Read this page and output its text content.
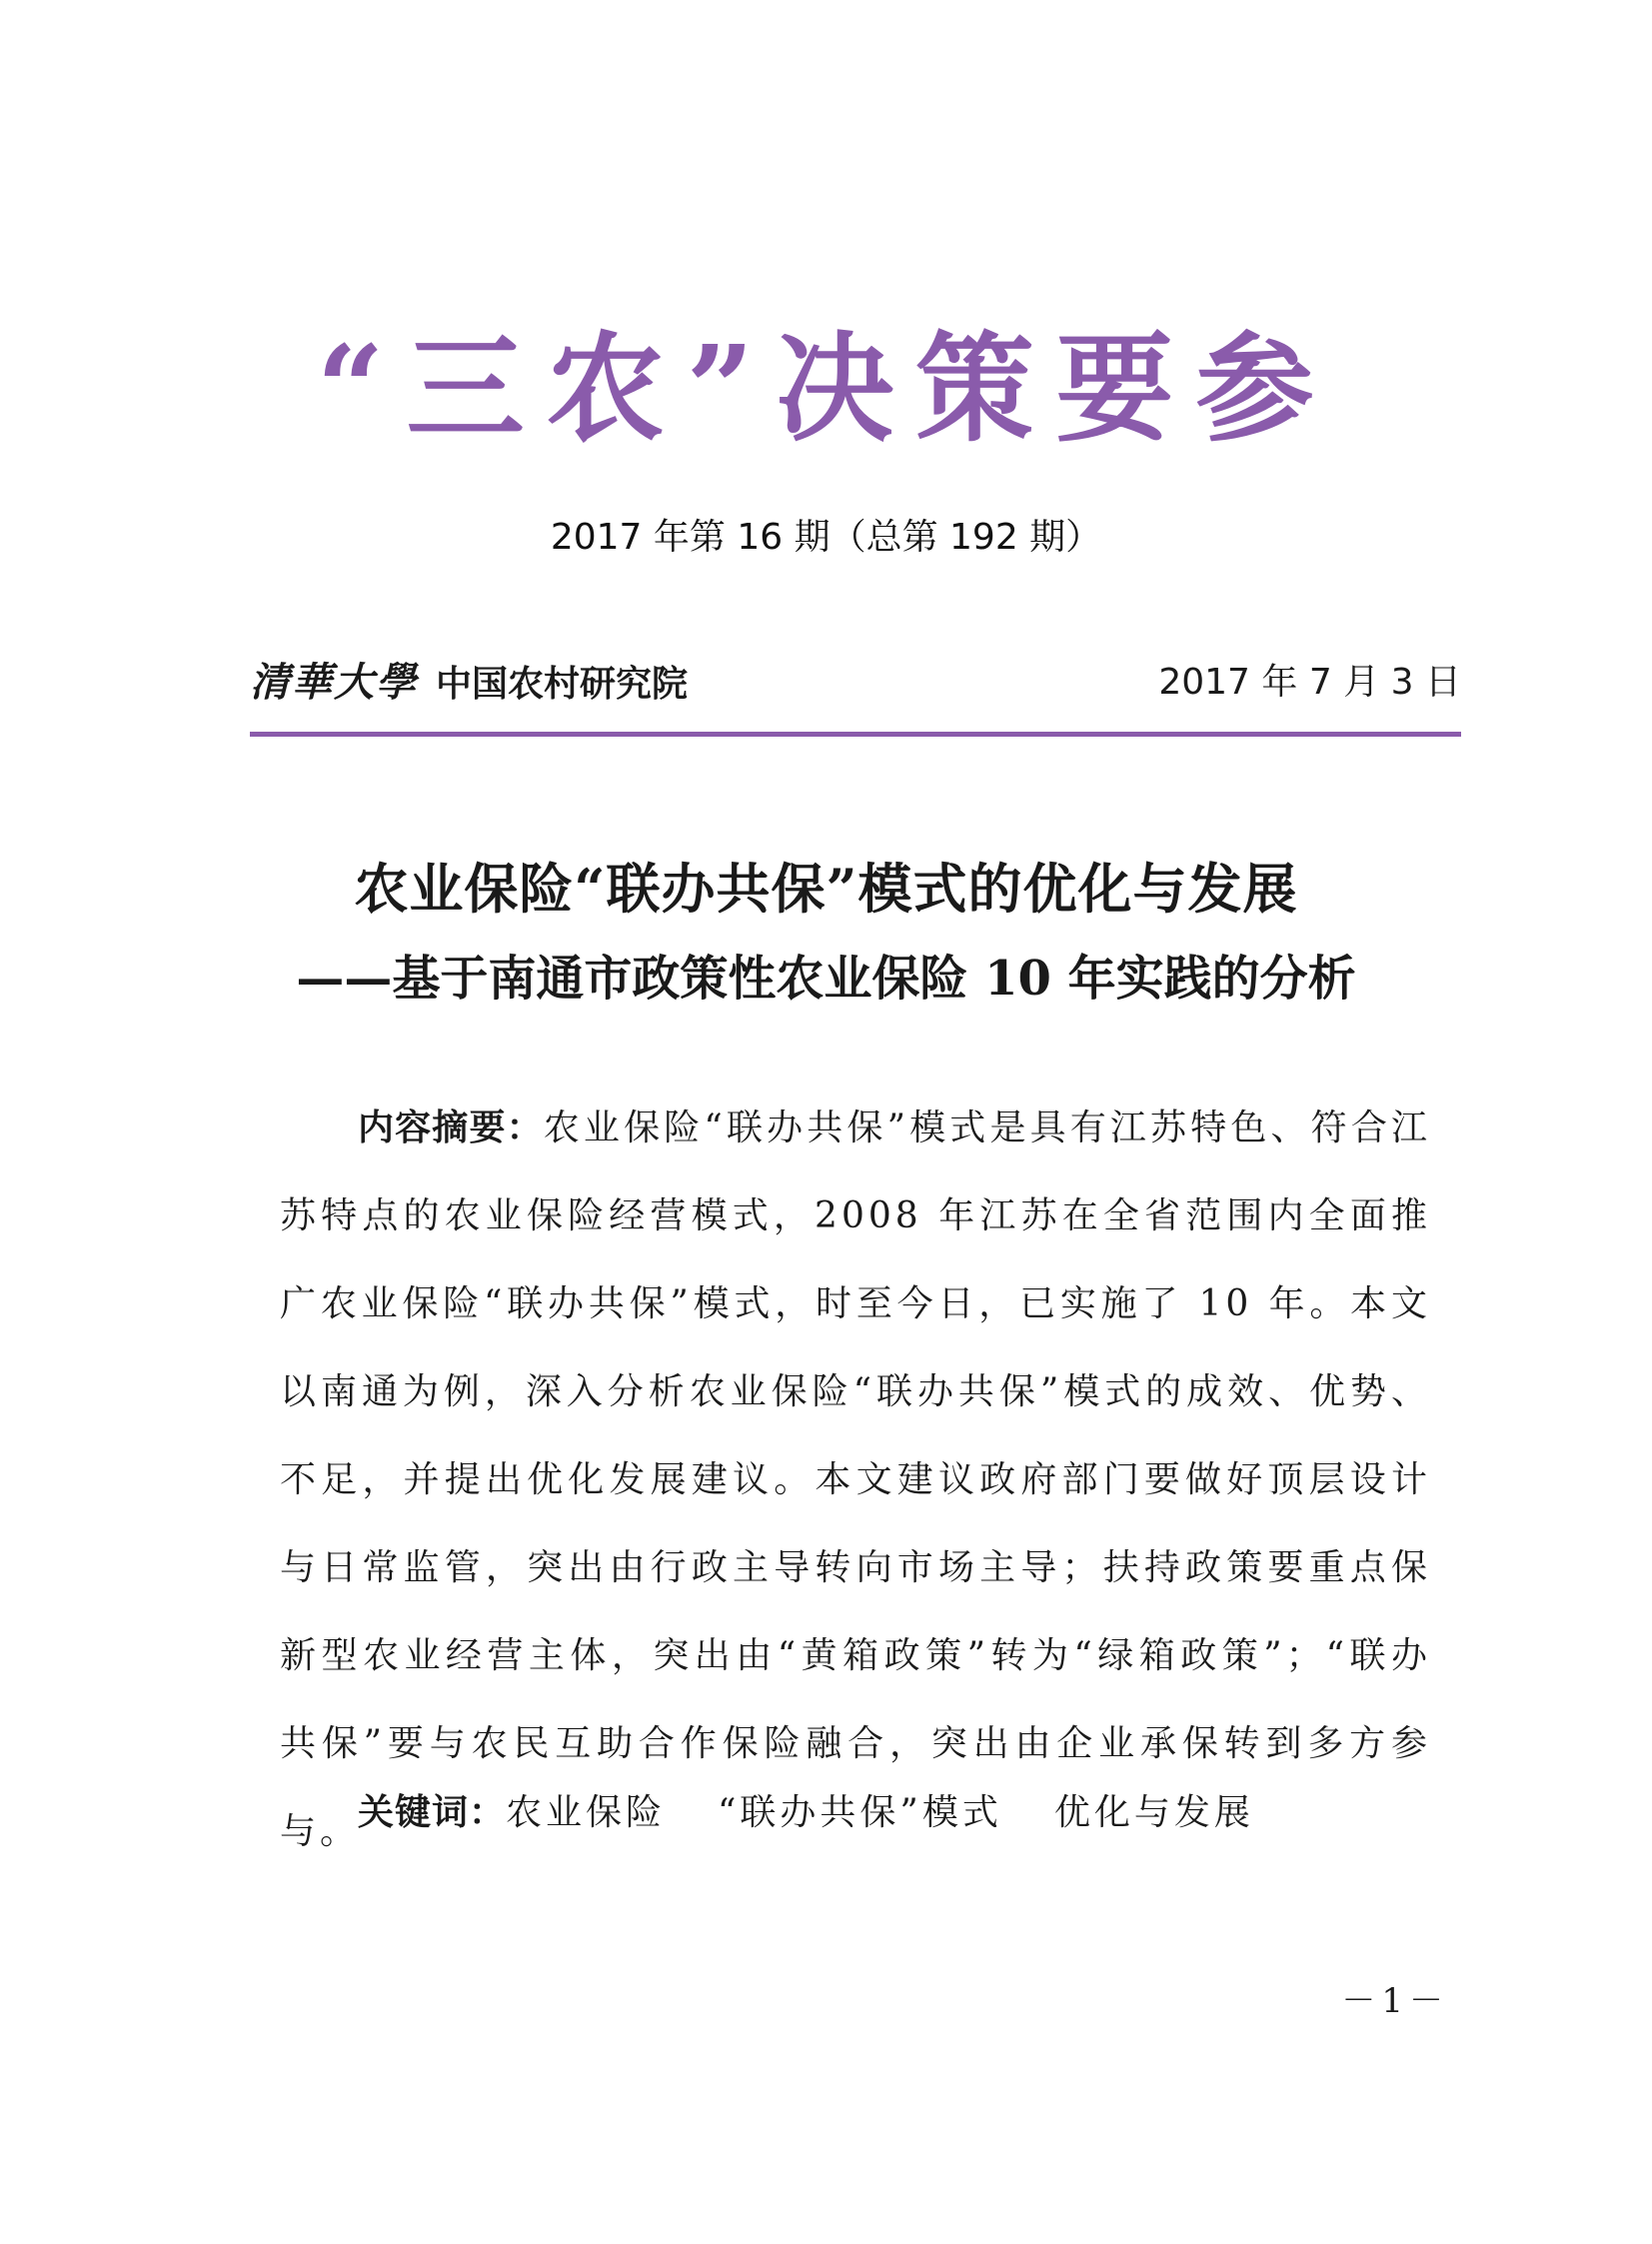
“三农”决策要参
2017 年第 16 期（总第 192 期）
清華大學 中国农村研究院	2017 年 7 月 3 日
农业保险“联办共保”模式的优化与发展
——基于南通市政策性农业保险 10 年实践的分析
内容摘要：农业保险“联办共保”模式是具有江苏特色、符合江苏特点的农业保险经营模式，2008 年江苏在全省范围内全面推广农业保险“联办共保”模式，时至今日，已实施了 10 年。本文以南通为例，深入分析农业保险“联办共保”模式的成效、优势、不足，并提出优化发展建议。本文建议政府部门要做好顶层设计与日常监管，突出由行政主导转向市场主导；扶持政策要重点保新型农业经营主体，突出由“黄箱政策”转为“绿箱政策”；“联办共保”要与农民互助合作保险融合，突出由企业承保转到多方参与。
关键词：农业保险 “联办共保”模式 优化与发展
－1－
